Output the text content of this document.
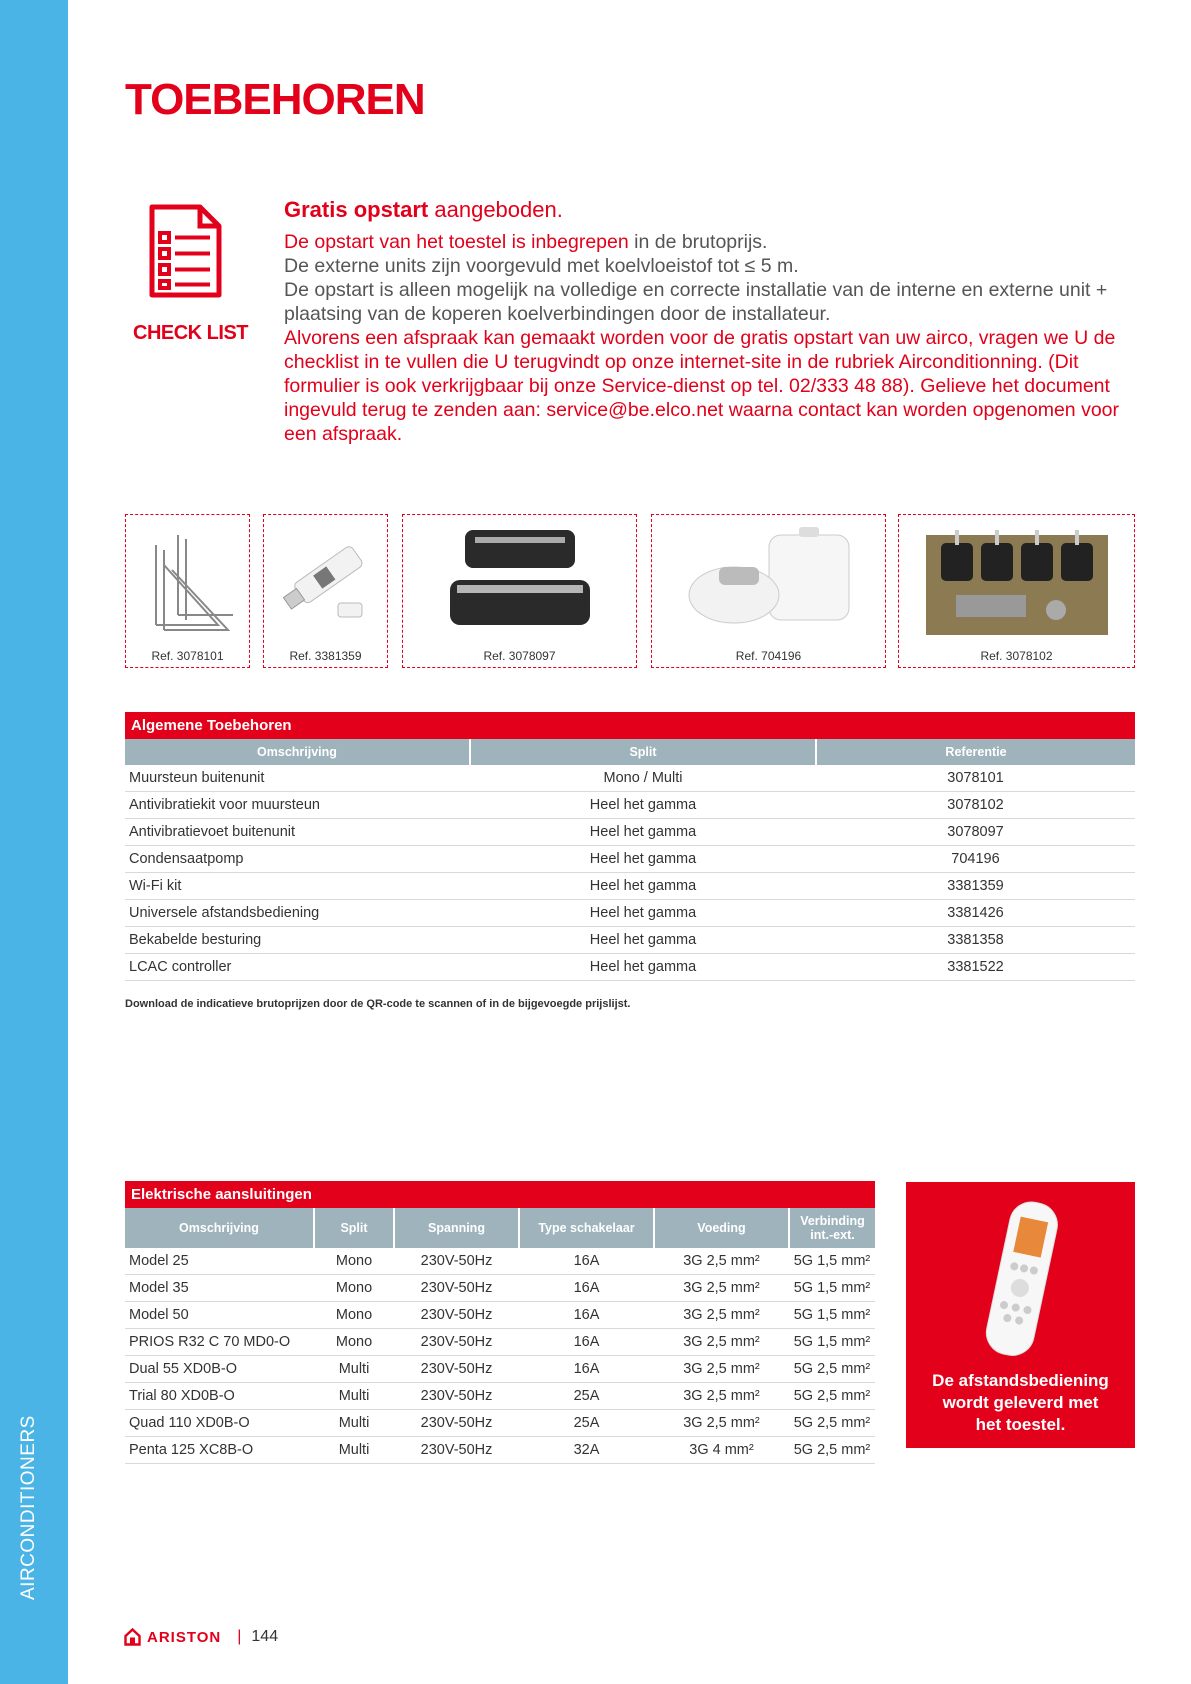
AIRCONDITIONERS
TOEBEHOREN
CHECK LIST
Gratis opstart aangeboden.

De opstart van het toestel is inbegrepen in de brutoprijs.

De externe units zijn voorgevuld met koelvloeistof tot ≤ 5 m.

De opstart is alleen mogelijk na volledige en correcte installatie van de interne en externe unit + plaatsing van de koperen koelverbindingen door de installateur.

Alvorens een afspraak kan gemaakt worden voor de gratis opstart van uw airco, vragen we U de checklist in te vullen die U terugvindt op onze internet-site in de rubriek Airconditionning. (Dit formulier is ook verkrijgbaar bij onze Service-dienst op tel. 02/333 48 88). Gelieve het document ingevuld terug te zenden aan: service@be.elco.net waarna contact kan worden opgenomen voor een afspraak.

Ref. 3078101	Ref. 3381359	Ref. 3078097	Ref. 704196	Ref. 3078102
Algemene Toebehoren		
Omschrijving	Split	Referentie
Muursteun buitenunit	Mono / Multi	3078101
Antivibratiekit voor muursteun	Heel het gamma	3078102
Antivibratievoet buitenunit	Heel het gamma	3078097
Condensaatpomp	Heel het gamma	704196
Wi-Fi kit	Heel het gamma	3381359
Universele afstandsbediening	Heel het gamma	3381426
Bekabelde besturing	Heel het gamma	3381358
LCAC controller	Heel het gamma	3381522
Download de indicatieve brutoprijzen door de QR-code te scannen of in de bijgevoegde prijslijst.
Elektrische aansluitingen					
Omschrijving	Split	Spanning	Type schakelaar	Voeding	Verbinding int.-ext.
Model 25	Mono	230V-50Hz	16A	3G 2,5 mm²	5G 1,5 mm²
Model 35	Mono	230V-50Hz	16A	3G 2,5 mm²	5G 1,5 mm²
Model 50	Mono	230V-50Hz	16A	3G 2,5 mm²	5G 1,5 mm²
PRIOS R32 C 70 MD0-O	Mono	230V-50Hz	16A	3G 2,5 mm²	5G 1,5 mm²
Dual 55 XD0B-O	Multi	230V-50Hz	16A	3G 2,5 mm²	5G 2,5 mm²
Trial 80 XD0B-O	Multi	230V-50Hz	25A	3G 2,5 mm²	5G 2,5 mm²
Quad 110 XD0B-O	Multi	230V-50Hz	25A	3G 2,5 mm²	5G 2,5 mm²
Penta 125 XC8B-O	Multi	230V-50Hz	32A	3G 4 mm²	5G 2,5 mm²
De afstandsbediening
wordt geleverd met
het toestel.
ARISTON | 144
